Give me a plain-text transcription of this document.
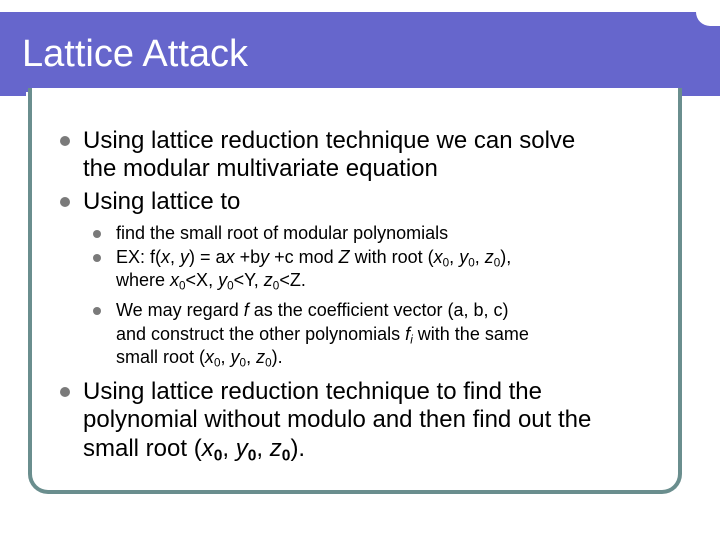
Lattice Attack
Using lattice reduction technique we can solve
the modular multivariate equation
Using lattice to
find the small root of modular polynomials
EX: f(x, y) = ax +by +c mod Z with root ($x_0$, $y_0$, $z_0$),
where $x_0<X$, $y_0<Y$, $z_0<Z$.
We may regard f as the coefficient vector (a, b, c)
and construct the other polynomials $f_i$ with the same
small root ($x_0$, $y_0$, $z_0$).
Using lattice reduction technique to find the
polynomial without modulo and then find out the
small root ($x_0$, $y_0$, $z_0$).
